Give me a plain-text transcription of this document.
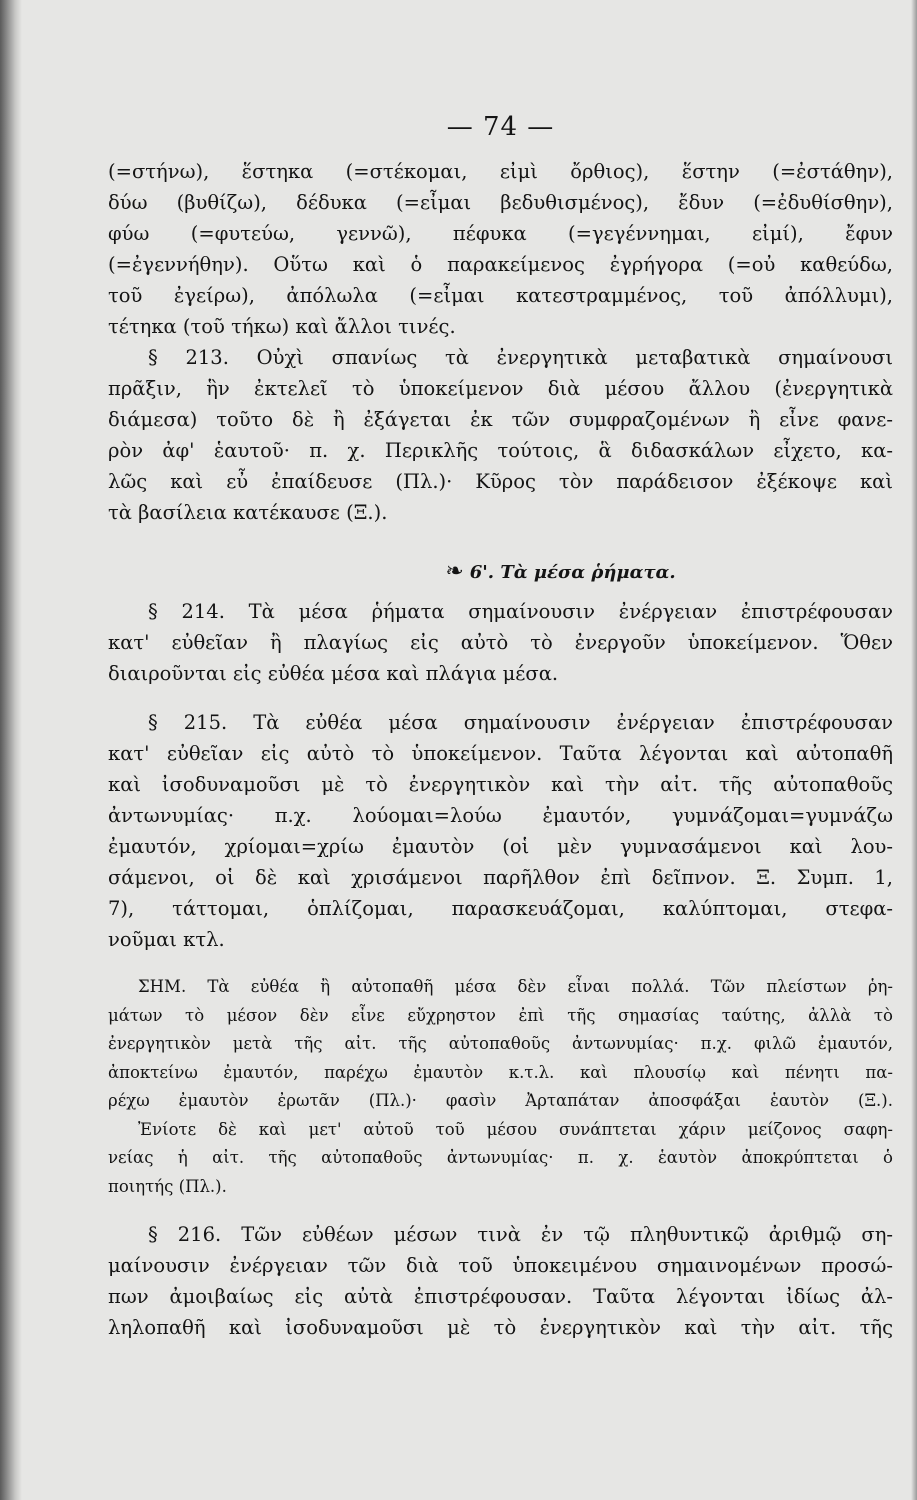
— 74 —
(=στήνω), ἕστηκα (=στέκομαι, εἰμὶ ὄρθιος), ἕστην (=ἐστάθην),
δύω (βυθίζω), δέδυκα (=εἶμαι βεδυθισμένος), ἔδυν (=ἐδυθίσθην),
φύω (=φυτεύω, γεννῶ), πέφυκα (=γεγέννημαι, εἰμί), ἔφυν
(=ἐγεννήθην). Οὕτω καὶ ὁ παρακείμενος ἐγρήγορα (=οὐ καθεύδω,
τοῦ ἐγείρω), ἀπόλωλα (=εἶμαι κατεστραμμένος, τοῦ ἀπόλλυμι),
τέτηκα (τοῦ τήκω) καὶ ἄλλοι τινές.
§ 213. Οὐχὶ σπανίως τὰ ἐνεργητικὰ μεταβατικὰ σημαίνουσι
πρᾶξιν, ἣν ἐκτελεῖ τὸ ὑποκείμενον διὰ μέσου ἄλλου (ἐνεργητικὰ
διάμεσα) τοῦτο δὲ ἢ ἐξάγεται ἐκ τῶν συμφραζομένων ἢ εἶνε φανε-
ρὸν ἀφ' ἑαυτοῦ· π. χ. Περικλῆς τούτοις, ἃ διδασκάλων εἶχετο, κα-
λῶς καὶ εὖ ἐπαίδευσε (Πλ.)· Κῦρος τὸν παράδεισον ἐξέκοψε καὶ
τὰ βασίλεια κατέκαυσε (Ξ.).
❧ 6'. Τὰ μέσα ῥήματα.
§ 214. Τὰ μέσα ῥήματα σημαίνουσιν ἐνέργειαν ἐπιστρέφουσαν
κατ' εὐθεῖαν ἢ πλαγίως εἰς αὐτὸ τὸ ἐνεργοῦν ὑποκείμενον. Ὅθεν
διαιροῦνται εἰς εὐθέα μέσα καὶ πλάγια μέσα.
§ 215. Τὰ εὐθέα μέσα σημαίνουσιν ἐνέργειαν ἐπιστρέφουσαν
κατ' εὐθεῖαν εἰς αὐτὸ τὸ ὑποκείμενον. Ταῦτα λέγονται καὶ αὐτοπαθῆ
καὶ ἰσοδυναμοῦσι μὲ τὸ ἐνεργητικὸν καὶ τὴν αἰτ. τῆς αὐτοπαθοῦς
ἀντωνυμίας· π.χ. λούομαι=λούω ἐμαυτόν, γυμνάζομαι=γυμνάζω
ἐμαυτόν, χρίομαι=χρίω ἐμαυτὸν (οἱ μὲν γυμνασάμενοι καὶ λου-
σάμενοι, οἱ δὲ καὶ χρισάμενοι παρῆλθον ἐπὶ δεῖπνον. Ξ. Συμπ. 1,
7), τάττομαι, ὁπλίζομαι, παρασκευάζομαι, καλύπτομαι, στεφα-
νοῦμαι κτλ.
ΣΗΜ. Τὰ εὐθέα ἢ αὐτοπαθῆ μέσα δὲν εἶναι πολλά. Τῶν πλείστων ῥη-
μάτων τὸ μέσον δὲν εἶνε εὔχρηστον ἐπὶ τῆς σημασίας ταύτης, ἀλλὰ τὸ
ἐνεργητικὸν μετὰ τῆς αἰτ. τῆς αὐτοπαθοῦς ἀντωνυμίας· π.χ. φιλῶ ἐμαυτόν,
ἀποκτείνω ἐμαυτόν, παρέχω ἐμαυτὸν κ.τ.λ. καὶ πλουσίῳ καὶ πένητι πα-
ρέχω ἐμαυτὸν ἐρωτᾶν (Πλ.)· φασὶν Ἀρταπάταν ἀποσφάξαι ἑαυτὸν (Ξ.).
Ἐνίοτε δὲ καὶ μετ' αὐτοῦ τοῦ μέσου συνάπτεται χάριν μείζονος σαφη-
νείας ἡ αἰτ. τῆς αὐτοπαθοῦς ἀντωνυμίας· π. χ. ἑαυτὸν ἀποκρύπτεται ὁ
ποιητής (Πλ.).
§ 216. Τῶν εὐθέων μέσων τινὰ ἐν τῷ πληθυντικῷ ἀριθμῷ ση-
μαίνουσιν ἐνέργειαν τῶν διὰ τοῦ ὑποκειμένου σημαινομένων προσώ-
πων ἀμοιβαίως εἰς αὐτὰ ἐπιστρέφουσαν. Ταῦτα λέγονται ἰδίως ἀλ-
ληλοπαθῆ καὶ ἰσοδυναμοῦσι μὲ τὸ ἐνεργητικὸν καὶ τὴν αἰτ. τῆς
